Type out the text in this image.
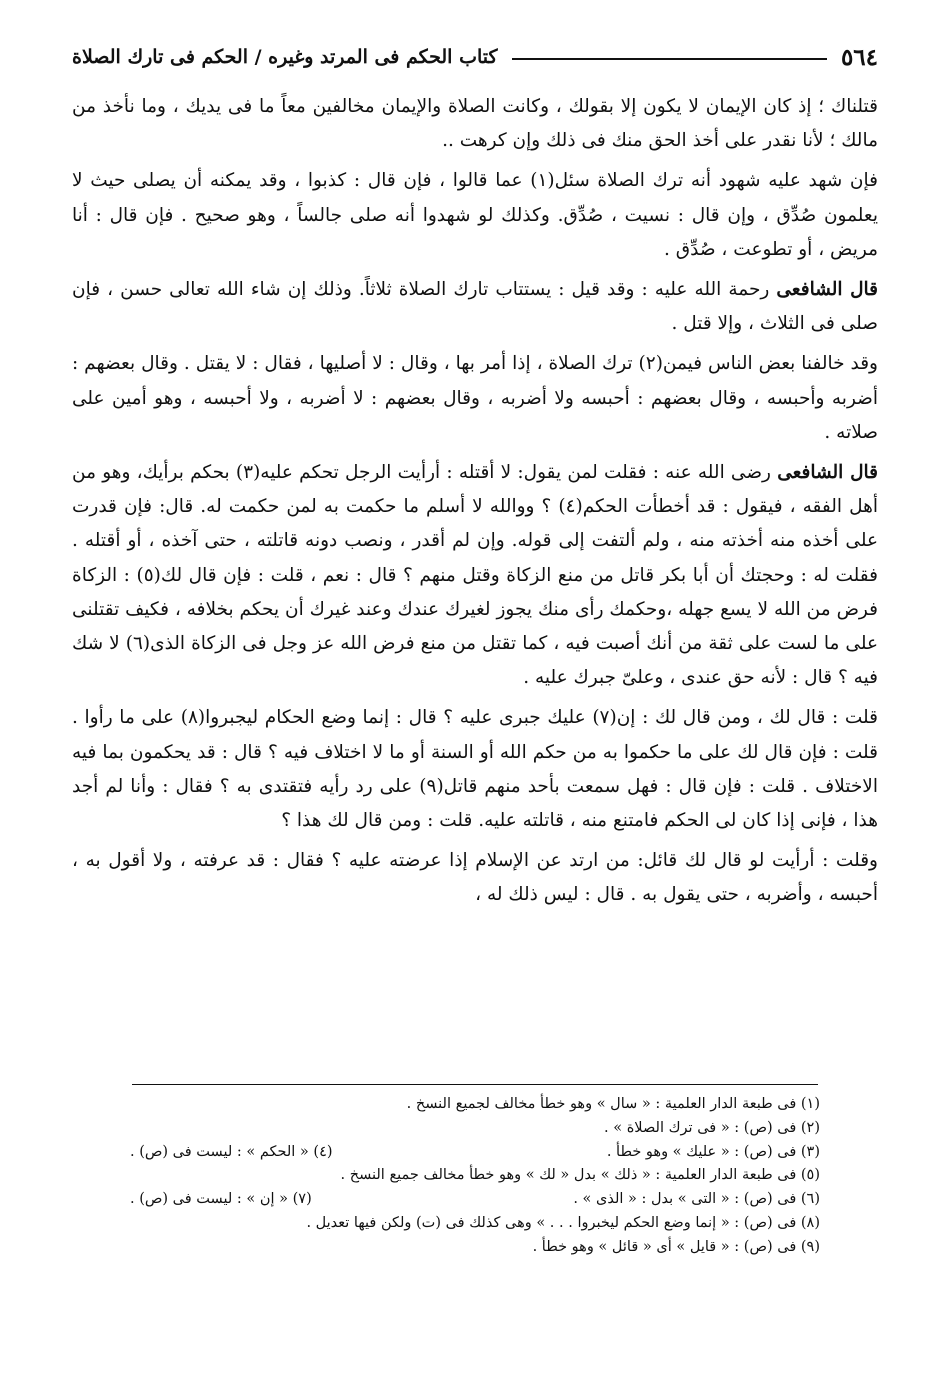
٥٦٤
كتاب الحكم فى المرتد وغيره / الحكم فى تارك الصلاة

قتلناك ؛ إذ كان الإيمان لا يكون إلا بقولك ، وكانت الصلاة والإيمان مخالفين معاً ما فى يديك ، وما نأخذ من مالك ؛ لأنا نقدر على أخذ الحق منك فى ذلك وإن كرهت ..

فإن شهد عليه شهود أنه ترك الصلاة سئل(١) عما قالوا ، فإن قال : كذبوا ، وقد يمكنه أن يصلى حيث لا يعلمون صُدِّق ، وإن قال : نسيت ، صُدِّق. وكذلك لو شهدوا أنه صلى جالساً ، وهو صحيح . فإن قال : أنا مريض ، أو تطوعت ، صُدِّق .

قال الشافعى رحمة الله عليه : وقد قيل : يستتاب تارك الصلاة ثلاثاً. وذلك إن شاء الله تعالى حسن ، فإن صلى فى الثلاث ، وإلا قتل .

وقد خالفنا بعض الناس فيمن(٢) ترك الصلاة ، إذا أمر بها ، وقال : لا أصليها ، فقال : لا يقتل . وقال بعضهم : أضربه وأحبسه ، وقال بعضهم : أحبسه ولا أضربه ، وقال بعضهم : لا أضربه ، ولا أحبسه ، وهو أمين على صلاته .

قال الشافعى رضى الله عنه : فقلت لمن يقول: لا أقتله : أرأيت الرجل تحكم عليه(٣) بحكم برأيك، وهو من أهل الفقه ، فيقول : قد أخطأت الحكم(٤) ؟ ووالله لا أسلم ما حكمت به لمن حكمت له. قال: فإن قدرت على أخذه منه أخذته منه ، ولم ألتفت إلى قوله. وإن لم أقدر ، ونصب دونه قاتلته ، حتى آخذه ، أو أقتله . فقلت له : وحجتك أن أبا بكر قاتل من منع الزكاة وقتل منهم ؟ قال : نعم ، قلت : فإن قال لك(٥) : الزكاة فرض من الله لا يسع جهله ،وحكمك رأى منك يجوز لغيرك عندك وعند غيرك أن يحكم بخلافه ، فكيف تقتلنى على ما لست على ثقة من أنك أصبت فيه ، كما تقتل من منع فرض الله عز وجل فى الزكاة الذى(٦) لا شك فيه ؟ قال : لأنه حق عندى ، وعلىّ جبرك عليه .

قلت : قال لك ، ومن قال لك : إن(٧) عليك جبرى عليه ؟ قال : إنما وضع الحكام ليجبروا(٨) على ما رأوا . قلت : فإن قال لك على ما حكموا به من حكم الله أو السنة أو ما لا اختلاف فيه ؟ قال : قد يحكمون بما فيه الاختلاف . قلت : فإن قال : فهل سمعت بأحد منهم قاتل(٩) على رد رأيه فتقتدى به ؟ فقال : وأنا لم أجد هذا ، فإنى إذا كان لى الحكم فامتنع منه ، قاتلته عليه. قلت : ومن قال لك هذا ؟

وقلت : أرأيت لو قال لك قائل: من ارتد عن الإسلام إذا عرضته عليه ؟ فقال : قد عرفته ، ولا أقول به ، أحبسه ، وأضربه ، حتى يقول به . قال : ليس ذلك له ،

(١) فى طبعة الدار العلمية : « سال » وهو خطأ مخالف لجميع النسخ .
(٢) فى (ص) : « فى ترك الصلاة » .
(٣) فى (ص) : « عليك » وهو خطأ .
(٤) « الحكم » : ليست فى (ص) .
(٥) فى طبعة الدار العلمية : « ذلك » بدل « لك » وهو خطأ مخالف جميع النسخ .
(٦) فى (ص) : « التى » بدل : « الذى » .
(٧) « إن » : ليست فى (ص) .
(٨) فى (ص) : « إنما وضع الحكم ليخبروا . . . » وهى كذلك فى (ت) ولكن فيها تعديل .
(٩) فى (ص) : « قايل » أى « قائل » وهو خطأ .
